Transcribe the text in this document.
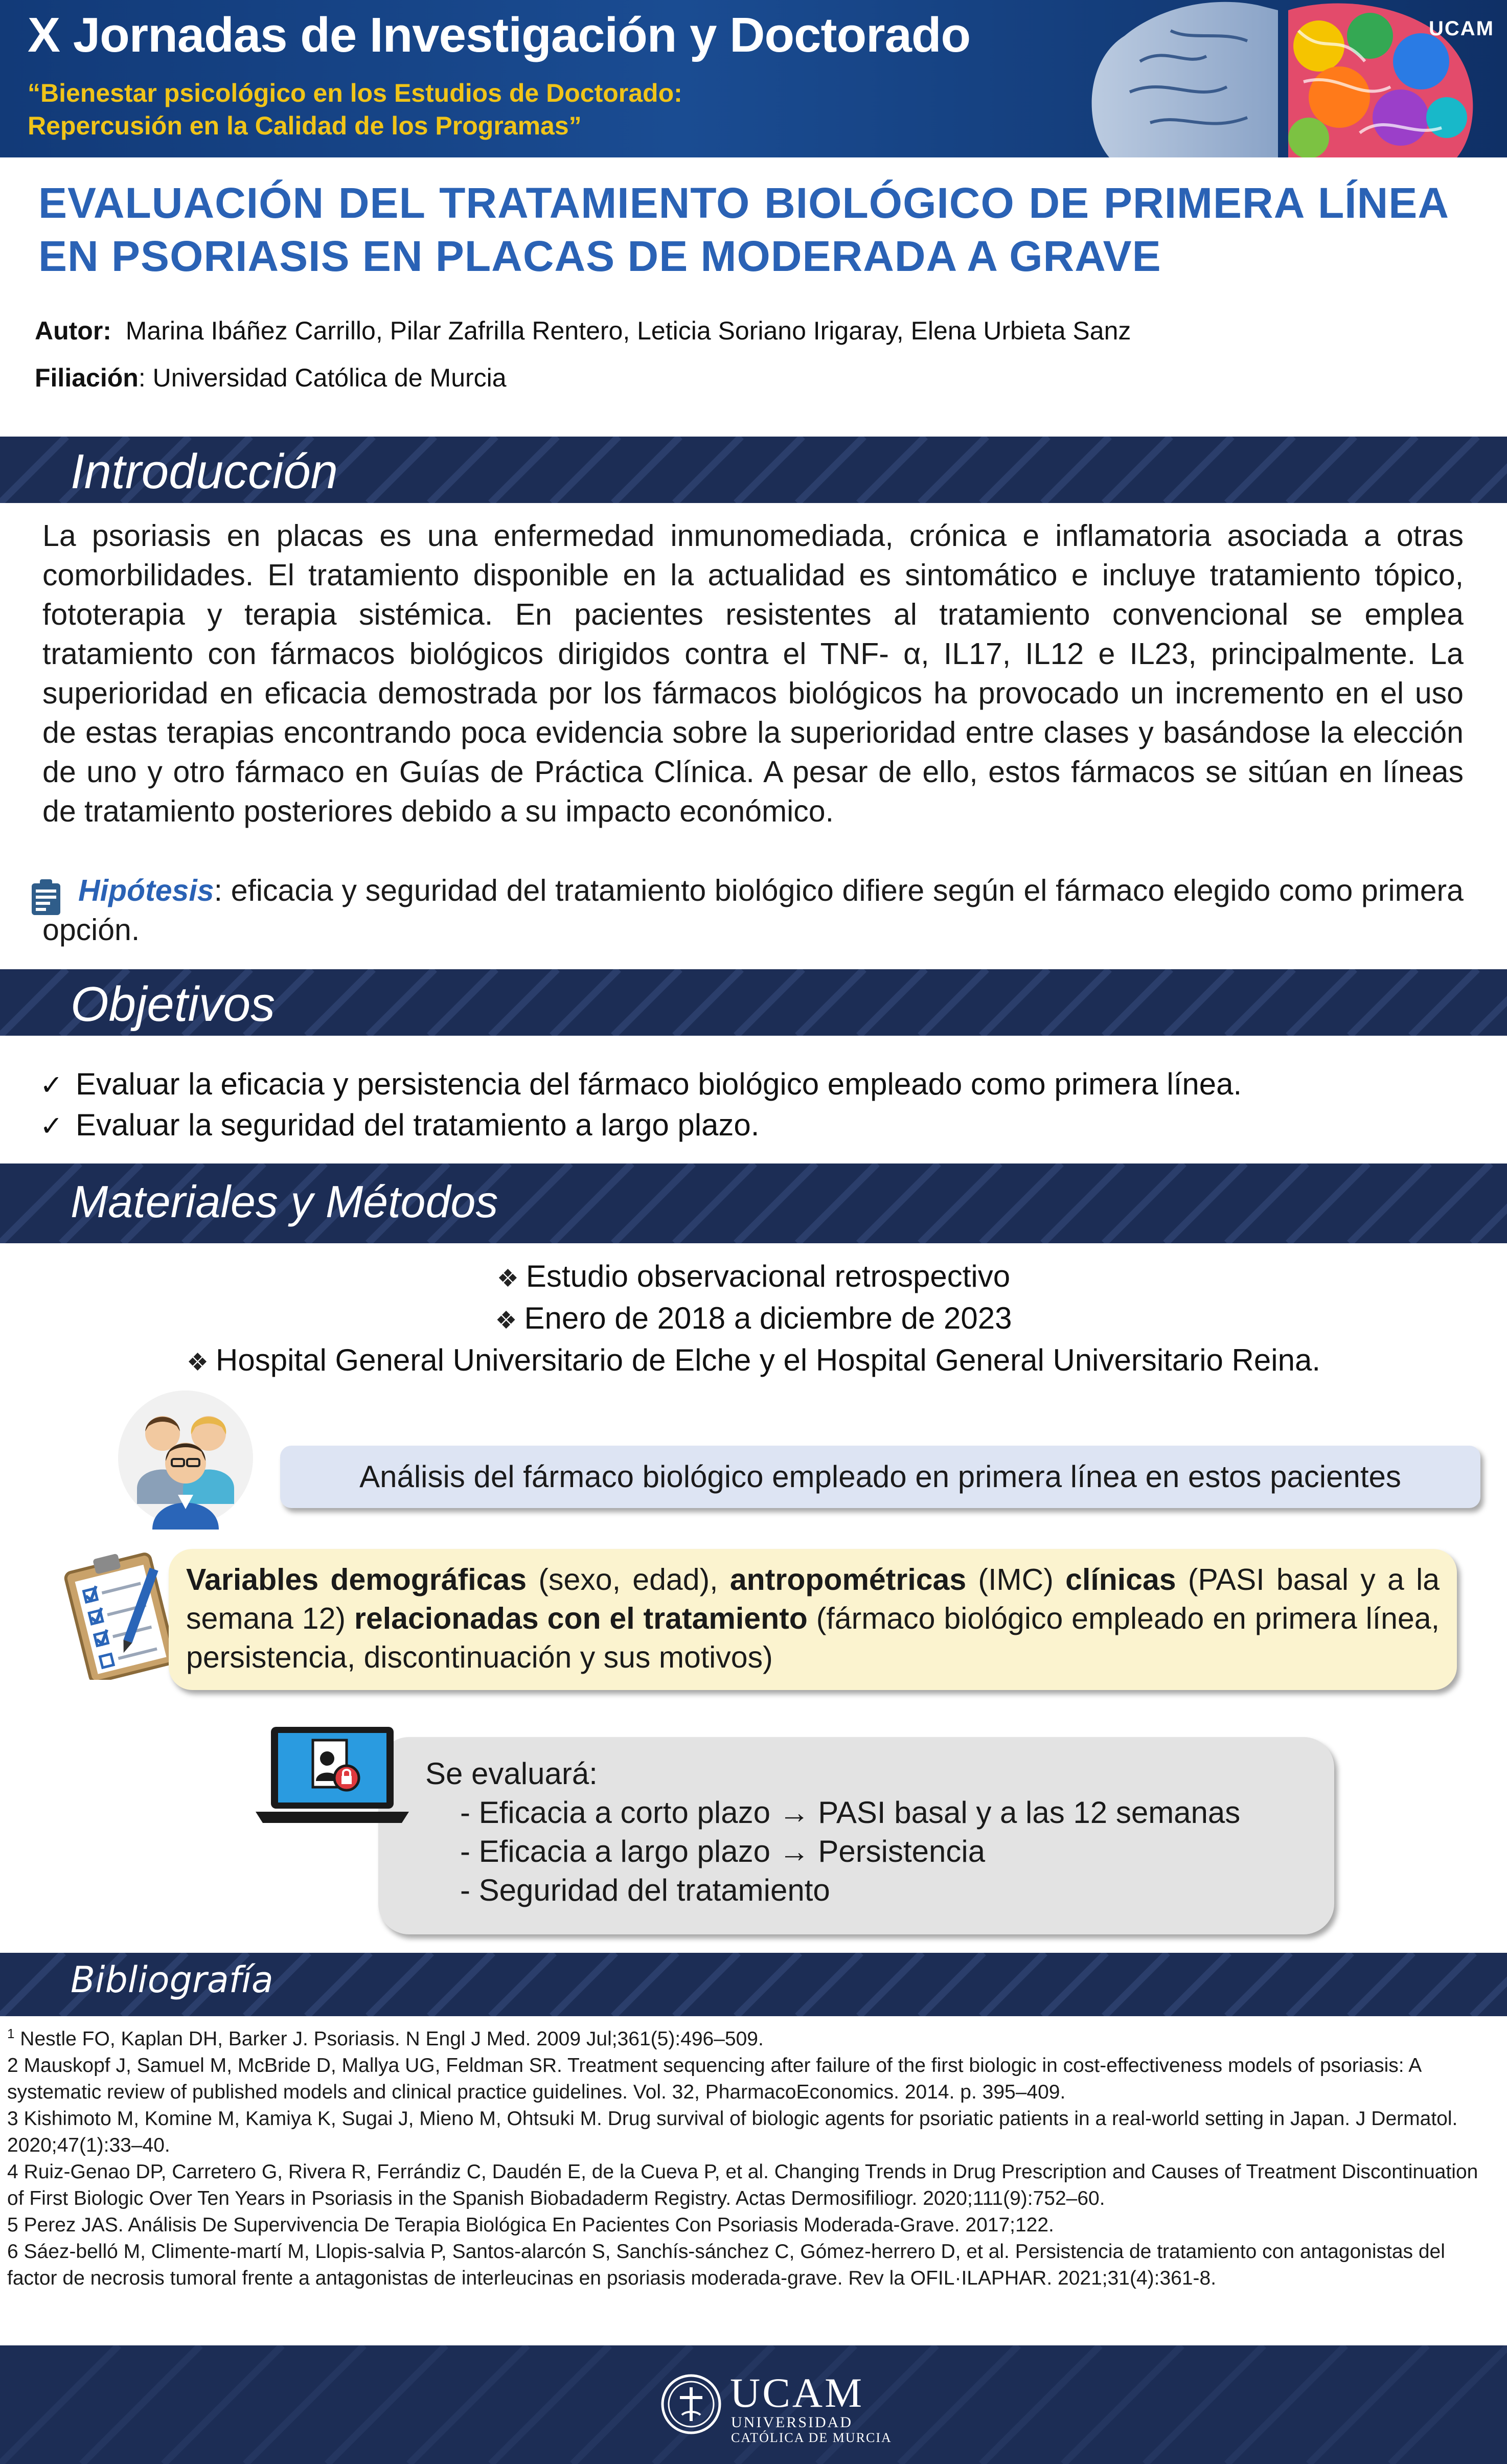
X Jornadas de Investigación y Doctorado
“Bienestar psicológico en los Estudios de Doctorado:
Repercusión en la Calidad de los Programas”
UCAM
EVALUACIÓN DEL TRATAMIENTO BIOLÓGICO DE PRIMERA LÍNEA EN PSORIASIS EN PLACAS DE MODERADA A GRAVE
Autor: Marina Ibáñez Carrillo, Pilar Zafrilla Rentero, Leticia Soriano Irigaray, Elena Urbieta Sanz
Filiación: Universidad Católica de Murcia
Introducción
La psoriasis en placas es una enfermedad inmunomediada, crónica e inflamatoria asociada a otras comorbilidades. El tratamiento disponible en la actualidad es sintomático e incluye tratamiento tópico, fototerapia y terapia sistémica. En pacientes resistentes al tratamiento convencional se emplea tratamiento con fármacos biológicos dirigidos contra el TNF- α, IL17, IL12 e IL23, principalmente. La superioridad en eficacia demostrada por los fármacos biológicos ha provocado un incremento en el uso de estas terapias encontrando poca evidencia sobre la superioridad entre clases y basándose la elección de uno y otro fármaco en Guías de Práctica Clínica. A pesar de ello, estos fármacos se sitúan en líneas de tratamiento posteriores debido a su impacto económico.
Hipótesis: eficacia y seguridad del tratamiento biológico difiere según el fármaco elegido como primera opción.
Objetivos
✓ Evaluar la eficacia y persistencia del fármaco biológico empleado como primera línea.
✓ Evaluar la seguridad del tratamiento a largo plazo.
Materiales y Métodos
❖ Estudio observacional retrospectivo
❖ Enero de 2018 a diciembre de 2023
❖ Hospital General Universitario de Elche y el Hospital General Universitario Reina.
Análisis del fármaco biológico empleado en primera línea en estos pacientes
Variables demográficas (sexo, edad), antropométricas (IMC) clínicas (PASI basal y a la semana 12) relacionadas con el tratamiento (fármaco biológico empleado en primera línea, persistencia, discontinuación y sus motivos)
Se evaluará:
- Eficacia a corto plazo → PASI basal y a las 12 semanas
- Eficacia a largo plazo → Persistencia
- Seguridad del tratamiento
Bibliografía
$^1$ Nestle FO, Kaplan DH, Barker J. Psoriasis. N Engl J Med. 2009 Jul;361(5):496–509.
2 Mauskopf J, Samuel M, McBride D, Mallya UG, Feldman SR. Treatment sequencing after failure of the first biologic in cost-effectiveness models of psoriasis: A systematic review of published models and clinical practice guidelines. Vol. 32, PharmacoEconomics. 2014. p. 395–409.
3 Kishimoto M, Komine M, Kamiya K, Sugai J, Mieno M, Ohtsuki M. Drug survival of biologic agents for psoriatic patients in a real-world setting in Japan. J Dermatol. 2020;47(1):33–40.
4 Ruiz-Genao DP, Carretero G, Rivera R, Ferrándiz C, Daudén E, de la Cueva P, et al. Changing Trends in Drug Prescription and Causes of Treatment Discontinuation of First Biologic Over Ten Years in Psoriasis in the Spanish Biobadaderm Registry. Actas Dermosifiliogr. 2020;111(9):752–60.
5 Perez JAS. Análisis De Supervivencia De Terapia Biológica En Pacientes Con Psoriasis Moderada-Grave. 2017;122.
6 Sáez-belló M, Climente-martí M, Llopis-salvia P, Santos-alarcón S, Sanchís-sánchez C, Gómez-herrero D, et al. Persistencia de tratamiento con antagonistas del factor de necrosis tumoral frente a antagonistas de interleucinas en psoriasis moderada-grave. Rev la OFIL·ILAPHAR. 2021;31(4):361-8.
UCAM
UNIVERSIDAD
CATÓLICA DE MURCIA
